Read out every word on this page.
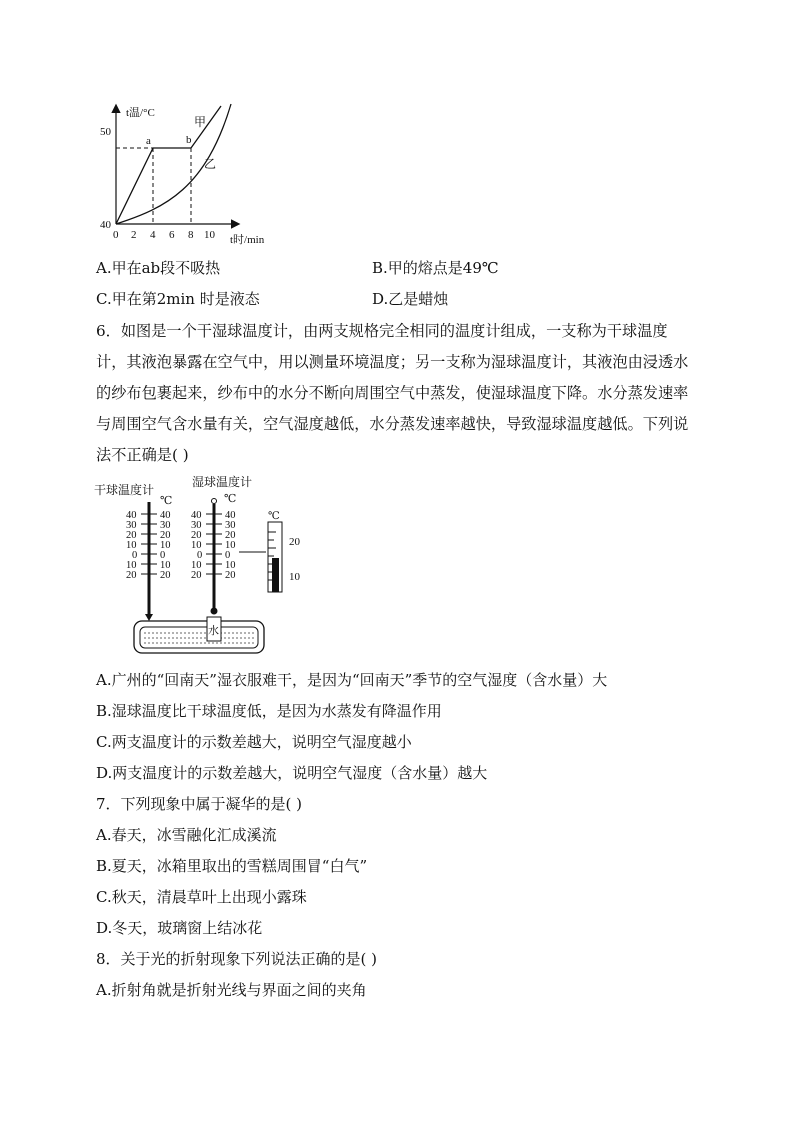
t温/°C
t时/min
50
40
0 2 4 6 8 10
a	b
甲
乙
A.甲在ab段不吸热	B.甲的熔点是49℃
C.甲在第2min 时是液态	D.乙是蜡烛
6．如图是一个干湿球温度计，由两支规格完全相同的温度计组成，一支称为干球温度计，其液泡暴露在空气中，用以测量环境温度；另一支称为湿球温度计，其液泡由浸透水的纱布包裹起来，纱布中的水分不断向周围空气中蒸发，使湿球温度下降。水分蒸发速率与周围空气含水量有关，空气湿度越低，水分蒸发速率越快，导致湿球温度越低。下列说法不正确是( )
干球温度计
湿球温度计
℃	℃
40
30
20
10
0
10
20
40
30
20
10
0
10
20
40
30
20
10
0
10
20
40
30
20
10
0
10
20
℃
20
10
水
A.广州的“回南天”湿衣服难干，是因为“回南天”季节的空气湿度（含水量）大
B.湿球温度比干球温度低，是因为水蒸发有降温作用
C.两支温度计的示数差越大，说明空气湿度越小
D.两支温度计的示数差越大，说明空气湿度（含水量）越大
7．下列现象中属于凝华的是( )
A.春天，冰雪融化汇成溪流
B.夏天，冰箱里取出的雪糕周围冒“白气”
C.秋天，清晨草叶上出现小露珠
D.冬天，玻璃窗上结冰花
8．关于光的折射现象下列说法正确的是( )
A.折射角就是折射光线与界面之间的夹角
